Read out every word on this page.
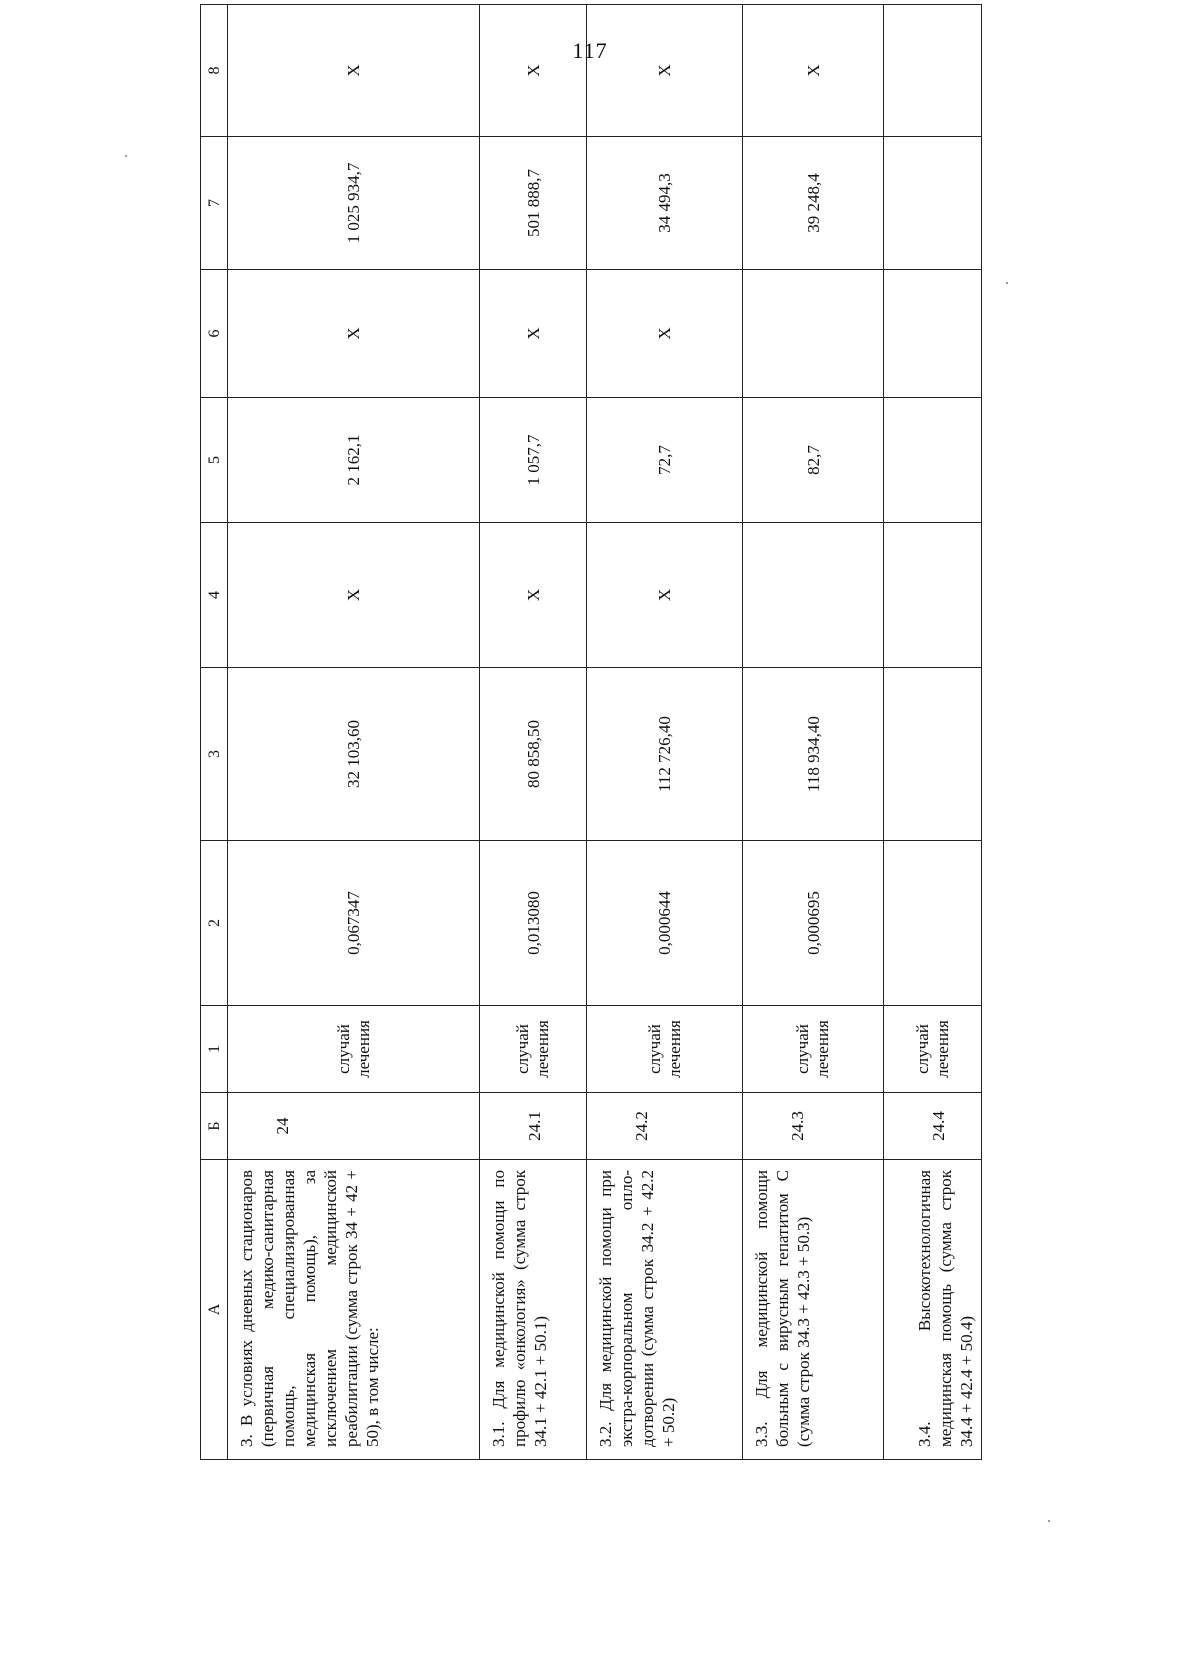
117
А	Б	1	2	3	4	5	6	7	8
3. В условиях дневных стационаров (первичная медико-санитарная помощь, специализированная медицинская помощь), за исключением медицинской реабилитации (сумма строк 34 + 42 + 50), в том числе:	24	случай лечения	0,067347	32 103,60	Х	2 162,1	Х	1 025 934,7	Х
3.1. Для медицинской помощи по профилю «онкология» (сумма строк 34.1 + 42.1 + 50.1)	24.1	случай лечения	0,013080	80 858,50	Х	1 057,7	Х	501 888,7	Х
3.2. Для медицинской помощи при экстра-корпоральном опло-дотворении (сумма строк 34.2 + 42.2 + 50.2)	24.2	случай лечения	0,000644	112 726,40	Х	72,7	Х	34 494,3	Х
3.3. Для медицинской помощи больным с вирусным гепатитом С (сумма строк 34.3 + 42.3 + 50.3)	24.3	случай лечения	0,000695	118 934,40		82,7		39 248,4	Х
3.4. Высокотехнологичная медицинская помощь (сумма строк 34.4 + 42.4 + 50.4)	24.4	случай лечения							
